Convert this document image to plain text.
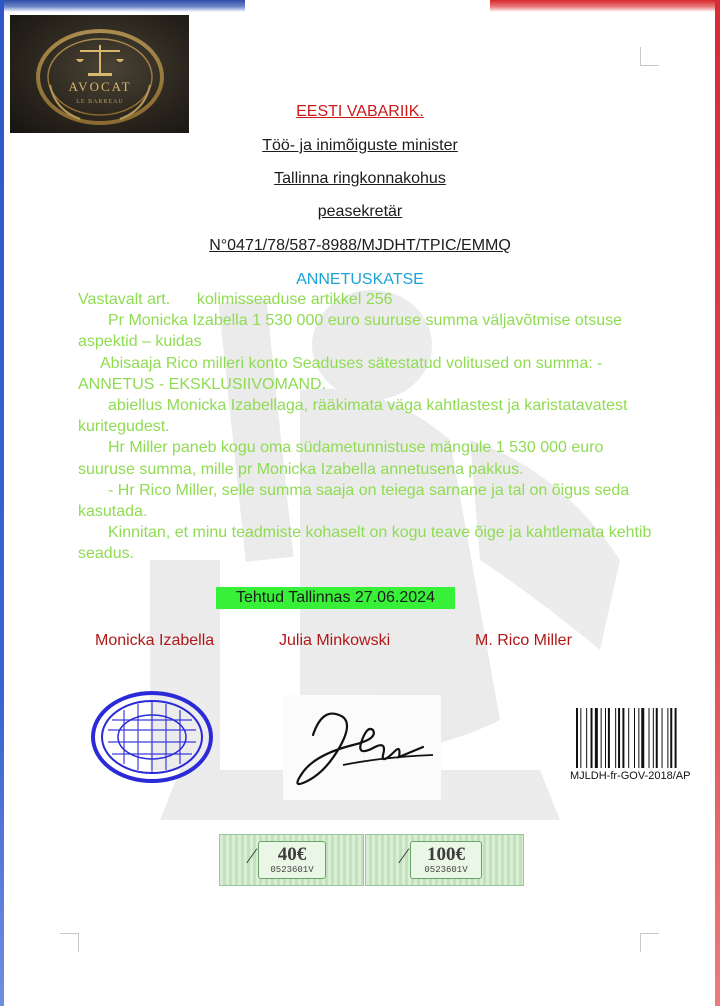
AVOCAT
LE BARREAU
EESTI VABARIIK.
Töö- ja inimõiguste minister
Tallinna ringkonnakohus
peasekretär
N°0471/78/587-8988/MJDHT/TPIC/EMMQ
ANNETUSKATSE

Vastavalt art.      kolimisseaduse artikkel 256

Pr Monicka Izabella 1 530 000 euro suuruse summa väljavõtmise otsuse aspektid – kuidas

Abisaaja Rico milleri konto Seaduses sätestatud volitused on summa: - ANNETUS - EKSKLUSIIVOMAND.

abiellus Monicka Izabellaga, rääkimata väga kahtlastest ja karistatavatest kuritegudest.

Hr Miller paneb kogu oma südametunnistuse mängule 1 530 000 euro suuruse summa, mille pr Monicka Izabella annetusena pakkus.

- Hr Rico Miller, selle summa saaja on teiega sarnane ja tal on õigus seda kasutada.

Kinnitan, et minu teadmiste kohaselt on kogu teave õige ja kahtlemata kehtib seadus.

Tehtud Tallinnas 27.06.2024
Monicka Izabella	Julia Minkowski	M. Rico Miller
MJLDH-fr-GOV-2018/AP
∕	40€
0523601V
∕	100€
0523601V
